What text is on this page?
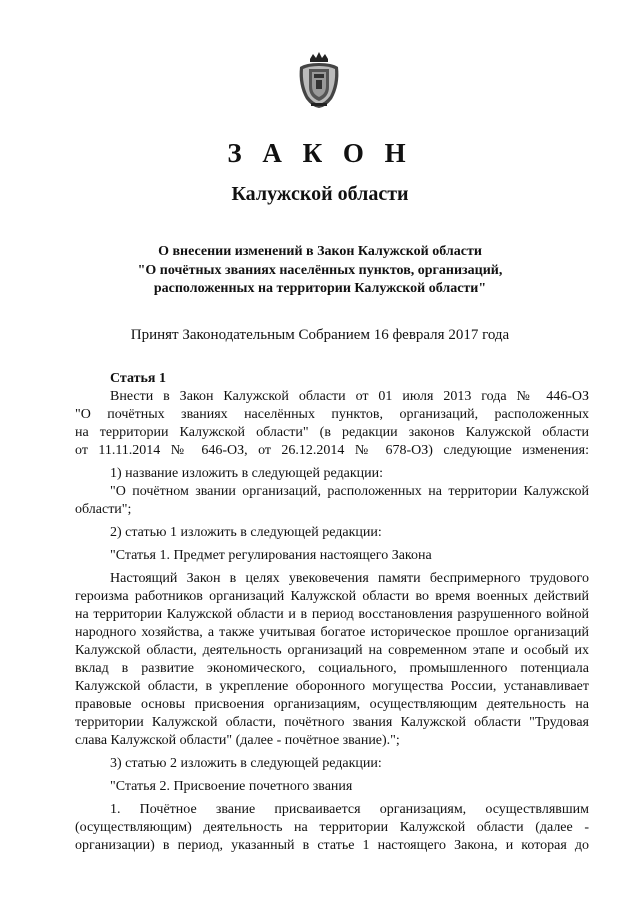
З А К О Н
Калужской области
О внесении изменений в Закон Калужской области
"О почётных званиях населённых пунктов, организаций,
расположенных на территории Калужской области"
Принят Законодательным Собранием 16 февраля 2017 года
Статья 1
Внести в Закон Калужской области от 01 июля 2013 года № 446-ОЗ
"О почётных званиях населённых пунктов, организаций, расположенных
на территории Калужской области" (в редакции законов Калужской области
от 11.11.2014 № 646-ОЗ, от 26.12.2014 № 678-ОЗ) следующие изменения:
1) название изложить в следующей редакции:
"О почётном звании организаций, расположенных на территории Калужской
области";
2) статью 1 изложить в следующей редакции:
"Статья 1. Предмет регулирования настоящего Закона
Настоящий Закон в целях увековечения памяти беспримерного трудового
героизма работников организаций Калужской области во время военных действий
на территории Калужской области и в период восстановления разрушенного войной
народного хозяйства, а также учитывая богатое историческое прошлое организаций
Калужской области, деятельность организаций на современном этапе и особый их
вклад в развитие экономического, социального, промышленного потенциала
Калужской области, в укрепление оборонного могущества России, устанавливает
правовые основы присвоения организациям, осуществляющим деятельность на
территории Калужской области, почётного звания Калужской области "Трудовая
слава Калужской области" (далее - почётное звание).";
3) статью 2 изложить в следующей редакции:
"Статья 2. Присвоение почетного звания
1. Почётное звание присваивается организациям, осуществлявшим
(осуществляющим) деятельность на территории Калужской области (далее -
организации) в период, указанный в статье 1 настоящего Закона, и которая до
